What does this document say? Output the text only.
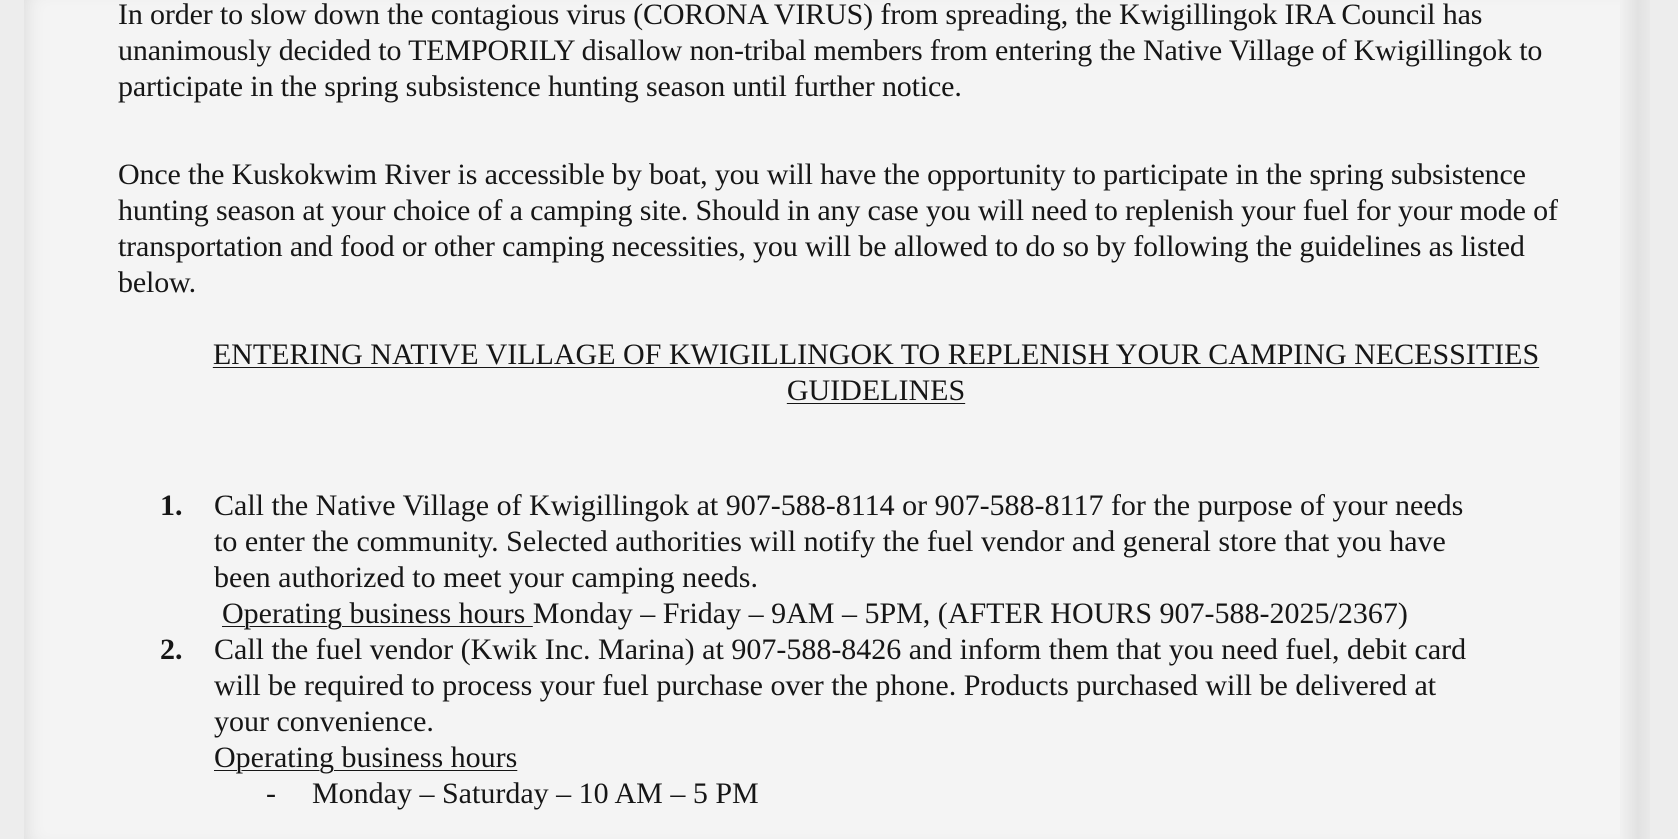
In order to slow down the contagious virus (CORONA VIRUS) from spreading, the Kwigillingok IRA Council has unanimously decided to TEMPORILY disallow non-tribal members from entering the Native Village of Kwigillingok to participate in the spring subsistence hunting season until further notice.

Once the Kuskokwim River is accessible by boat, you will have the opportunity to participate in the spring subsistence hunting season at your choice of a camping site. Should in any case you will need to replenish your fuel for your mode of transportation and food or other camping necessities, you will be allowed to do so by following the guidelines as listed below.

ENTERING NATIVE VILLAGE OF KWIGILLINGOK TO REPLENISH YOUR CAMPING NECESSITIES GUIDELINES
1. Call the Native Village of Kwigillingok at 907-588-8114 or 907-588-8117 for the purpose of your needs
to enter the community. Selected authorities will notify the fuel vendor and general store that you have
been authorized to meet your camping needs.
Operating business hours Monday – Friday – 9AM – 5PM, (AFTER HOURS 907-588-2025/2367)
2. Call the fuel vendor (Kwik Inc. Marina) at 907-588-8426 and inform them that you need fuel, debit card
will be required to process your fuel purchase over the phone. Products purchased will be delivered at
your convenience.
Operating business hours
- Monday – Saturday – 10 AM – 5 PM
